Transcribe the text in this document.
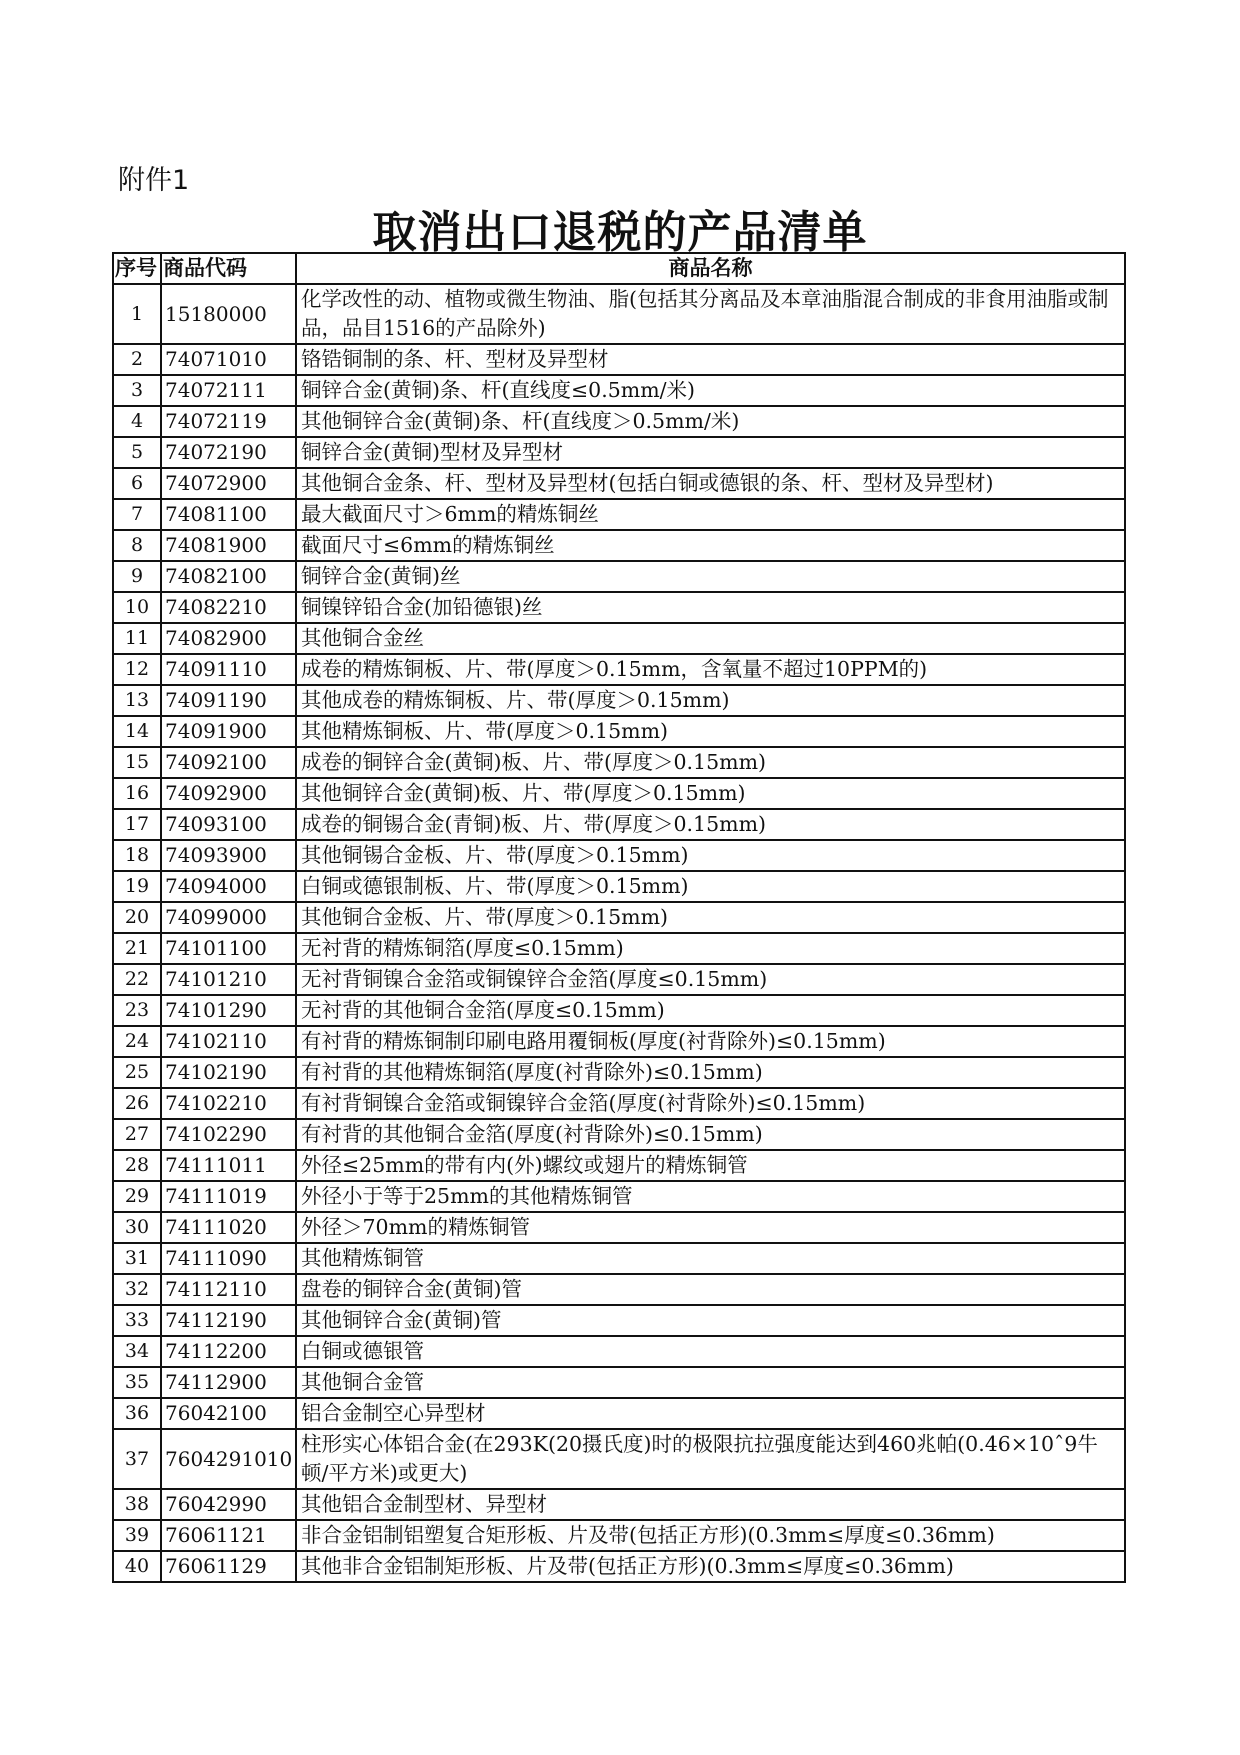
附件1
取消出口退税的产品清单
序号	商品代码	商品名称
1	15180000	化学改性的动、植物或微生物油、脂(包括其分离品及本章油脂混合制成的非食用油脂或制品，品目1516的产品除外)
2	74071010	铬锆铜制的条、杆、型材及异型材
3	74072111	铜锌合金(黄铜)条、杆(直线度≤0.5mm/米)
4	74072119	其他铜锌合金(黄铜)条、杆(直线度＞0.5mm/米)
5	74072190	铜锌合金(黄铜)型材及异型材
6	74072900	其他铜合金条、杆、型材及异型材(包括白铜或德银的条、杆、型材及异型材)
7	74081100	最大截面尺寸＞6mm的精炼铜丝
8	74081900	截面尺寸≤6mm的精炼铜丝
9	74082100	铜锌合金(黄铜)丝
10	74082210	铜镍锌铅合金(加铅德银)丝
11	74082900	其他铜合金丝
12	74091110	成卷的精炼铜板、片、带(厚度＞0.15mm，含氧量不超过10PPM的)
13	74091190	其他成卷的精炼铜板、片、带(厚度＞0.15mm)
14	74091900	其他精炼铜板、片、带(厚度＞0.15mm)
15	74092100	成卷的铜锌合金(黄铜)板、片、带(厚度＞0.15mm)
16	74092900	其他铜锌合金(黄铜)板、片、带(厚度＞0.15mm)
17	74093100	成卷的铜锡合金(青铜)板、片、带(厚度＞0.15mm)
18	74093900	其他铜锡合金板、片、带(厚度＞0.15mm)
19	74094000	白铜或德银制板、片、带(厚度＞0.15mm)
20	74099000	其他铜合金板、片、带(厚度＞0.15mm)
21	74101100	无衬背的精炼铜箔(厚度≤0.15mm)
22	74101210	无衬背铜镍合金箔或铜镍锌合金箔(厚度≤0.15mm)
23	74101290	无衬背的其他铜合金箔(厚度≤0.15mm)
24	74102110	有衬背的精炼铜制印刷电路用覆铜板(厚度(衬背除外)≤0.15mm)
25	74102190	有衬背的其他精炼铜箔(厚度(衬背除外)≤0.15mm)
26	74102210	有衬背铜镍合金箔或铜镍锌合金箔(厚度(衬背除外)≤0.15mm)
27	74102290	有衬背的其他铜合金箔(厚度(衬背除外)≤0.15mm)
28	74111011	外径≤25mm的带有内(外)螺纹或翅片的精炼铜管
29	74111019	外径小于等于25mm的其他精炼铜管
30	74111020	外径＞70mm的精炼铜管
31	74111090	其他精炼铜管
32	74112110	盘卷的铜锌合金(黄铜)管
33	74112190	其他铜锌合金(黄铜)管
34	74112200	白铜或德银管
35	74112900	其他铜合金管
36	76042100	铝合金制空心异型材
37	7604291010	柱形实心体铝合金(在293K(20摄氏度)时的极限抗拉强度能达到460兆帕(0.46×10ˆ9牛顿/平方米)或更大)
38	76042990	其他铝合金制型材、异型材
39	76061121	非合金铝制铝塑复合矩形板、片及带(包括正方形)(0.3mm≤厚度≤0.36mm)
40	76061129	其他非合金铝制矩形板、片及带(包括正方形)(0.3mm≤厚度≤0.36mm)
